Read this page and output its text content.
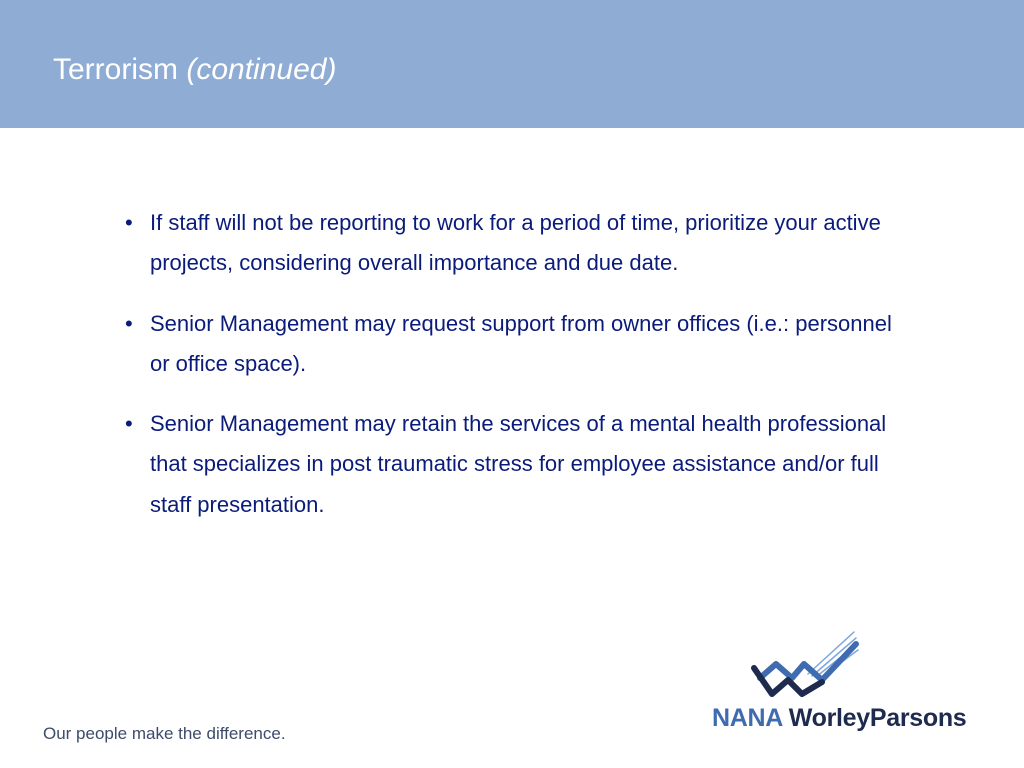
Terrorism (continued)
• If staff will not be reporting to work for a period of time, prioritize your active projects, considering overall importance and due date.
• Senior Management may request support from owner offices (i.e.: personnel or office space).
• Senior Management may retain the services of a mental health professional that specializes in post traumatic stress for employee assistance and/or full staff presentation.
Our people make the difference.
NANA WorleyParsons
